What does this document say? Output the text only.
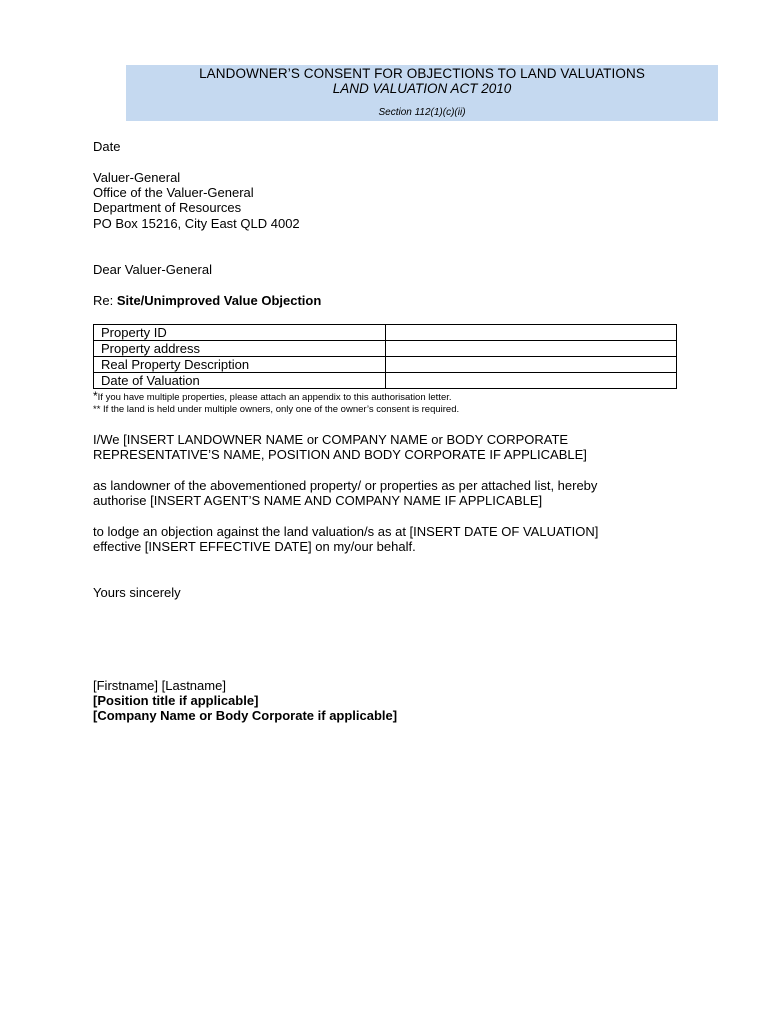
LANDOWNER’S CONSENT FOR OBJECTIONS TO LAND VALUATIONS
LAND VALUATION ACT 2010
Section 112(1)(c)(ii)
Date
Valuer-General
Office of the Valuer-General
Department of Resources
PO Box 15216, City East QLD 4002
Dear Valuer-General
Re: Site/Unimproved Value Objection
Property ID	
Property address	
Real Property Description	
Date of Valuation	
*If you have multiple properties, please attach an appendix to this authorisation letter.
** If the land is held under multiple owners, only one of the owner’s consent is required.
I/We [INSERT LANDOWNER NAME or COMPANY NAME or BODY CORPORATE
REPRESENTATIVE’S NAME, POSITION AND BODY CORPORATE IF APPLICABLE]
as landowner of the abovementioned property/ or properties as per attached list, hereby
authorise [INSERT AGENT’S NAME AND COMPANY NAME IF APPLICABLE]
to lodge an objection against the land valuation/s as at [INSERT DATE OF VALUATION]
effective [INSERT EFFECTIVE DATE] on my/our behalf.
Yours sincerely
[Firstname] [Lastname]
[Position title if applicable]
[Company Name or Body Corporate if applicable]
